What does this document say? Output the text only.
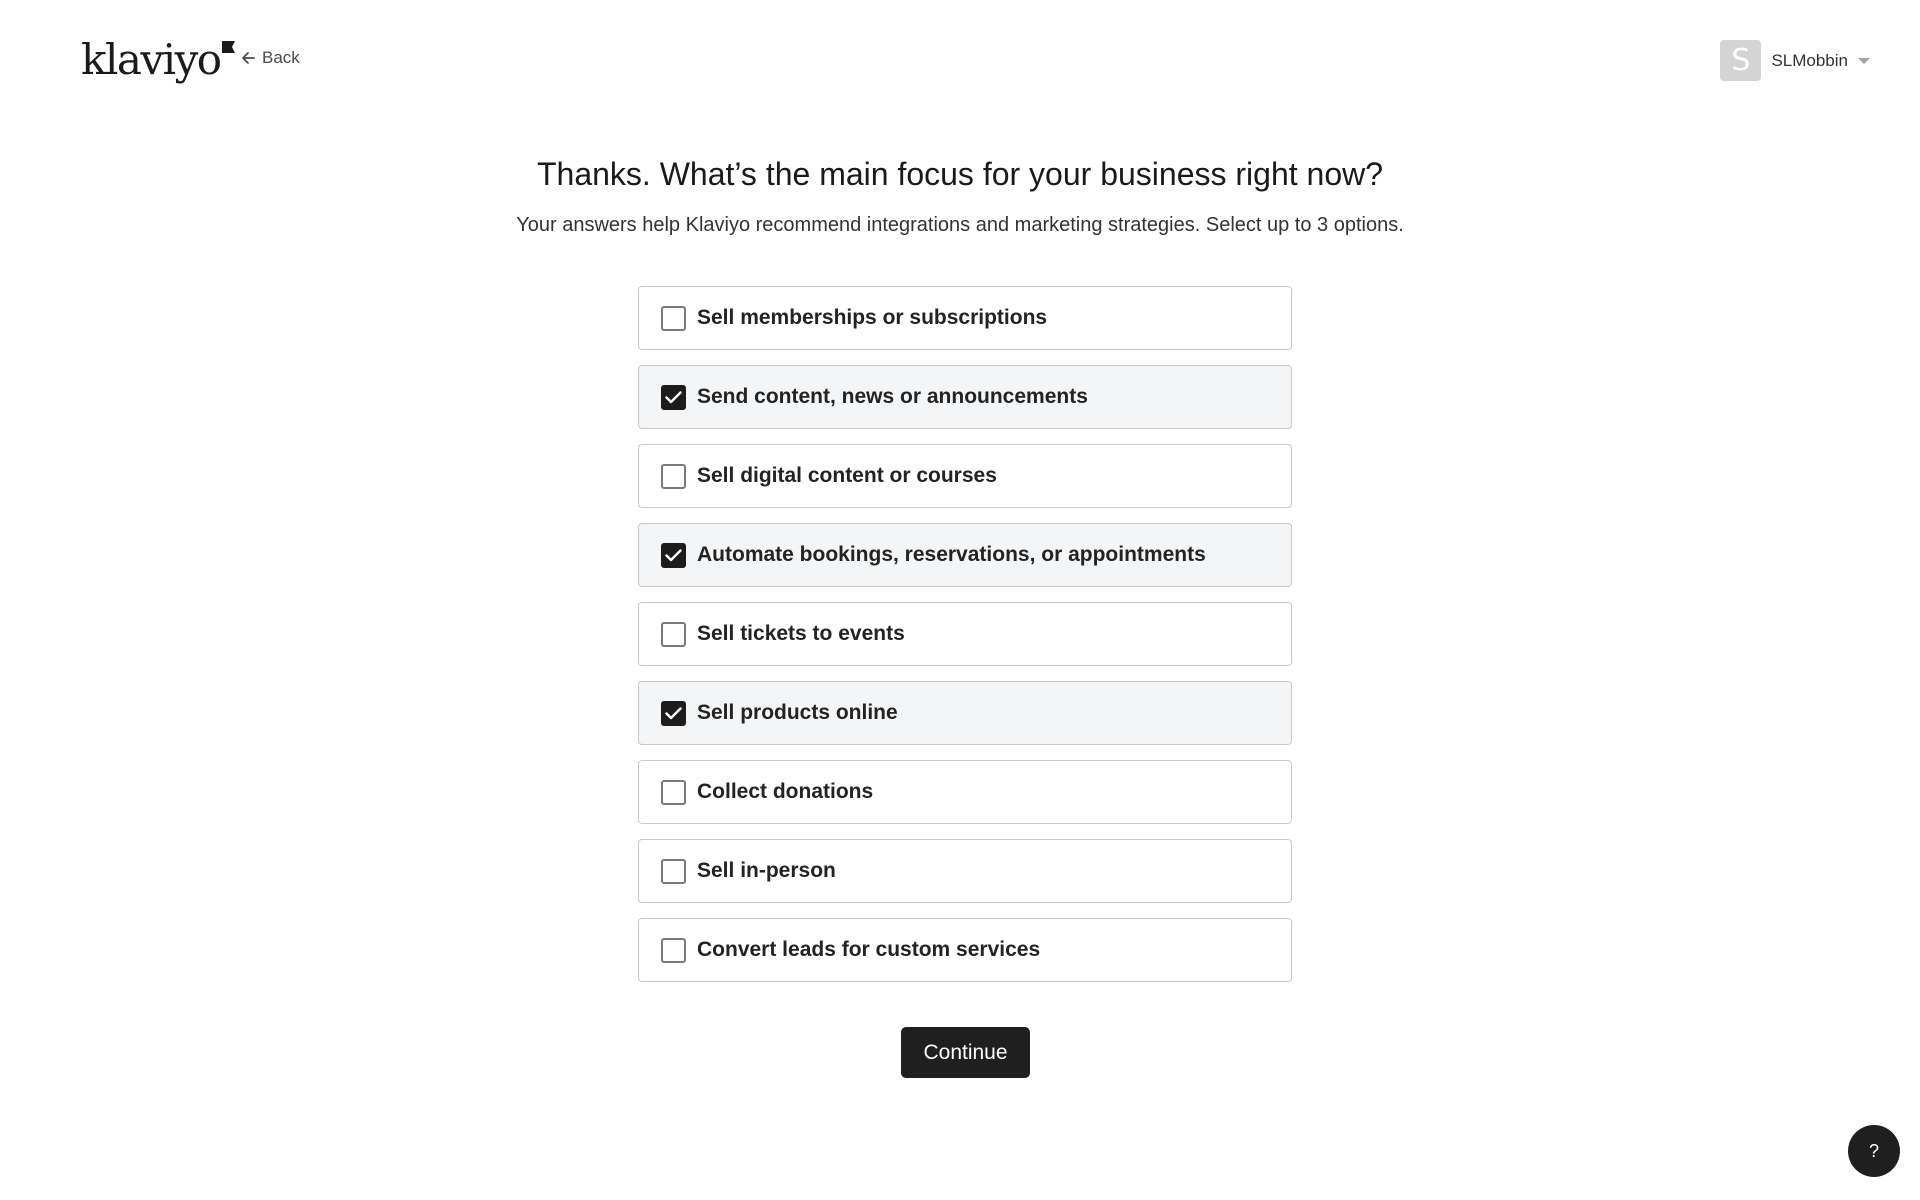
klaviyo Back	S	SLMobbin
Thanks. What’s the main focus for your business right now?

Your answers help Klaviyo recommend integrations and marketing strategies. Select up to 3 options.

Sell memberships or subscriptions
Send content, news or announcements
Sell digital content or courses
Automate bookings, reservations, or appointments
Sell tickets to events
Sell products online
Collect donations
Sell in-person
Convert leads for custom services
Continue
?
